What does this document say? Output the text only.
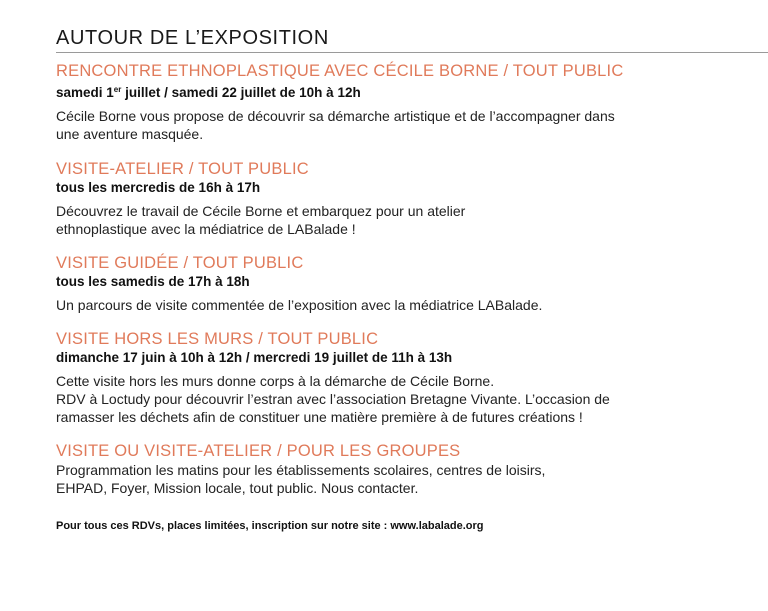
AUTOUR DE L’EXPOSITION
RENCONTRE ETHNOPLASTIQUE AVEC CÉCILE BORNE / TOUT PUBLIC
samedi 1er juillet / samedi 22 juillet de 10h à 12h
Cécile Borne vous propose de découvrir sa démarche artistique et de l’accompagner dans
une aventure masquée.
VISITE-ATELIER / TOUT PUBLIC
tous les mercredis de 16h à 17h
Découvrez le travail de Cécile Borne et embarquez pour un atelier
ethnoplastique avec la médiatrice de LABalade !
VISITE GUIDÉE / TOUT PUBLIC
tous les samedis de 17h à 18h
Un parcours de visite commentée de l’exposition avec la médiatrice LABalade.
VISITE HORS LES MURS / TOUT PUBLIC
dimanche 17 juin à 10h à 12h / mercredi 19 juillet de 11h à 13h
Cette visite hors les murs donne corps à la démarche de Cécile Borne.
RDV à Loctudy pour découvrir l’estran avec l’association Bretagne Vivante. L’occasion de
ramasser les déchets afin de constituer une matière première à de futures créations !
VISITE OU VISITE-ATELIER / POUR LES GROUPES
Programmation les matins pour les établissements scolaires, centres de loisirs,
EHPAD, Foyer, Mission locale, tout public. Nous contacter.
Pour tous ces RDVs, places limitées, inscription sur notre site : www.labalade.org
